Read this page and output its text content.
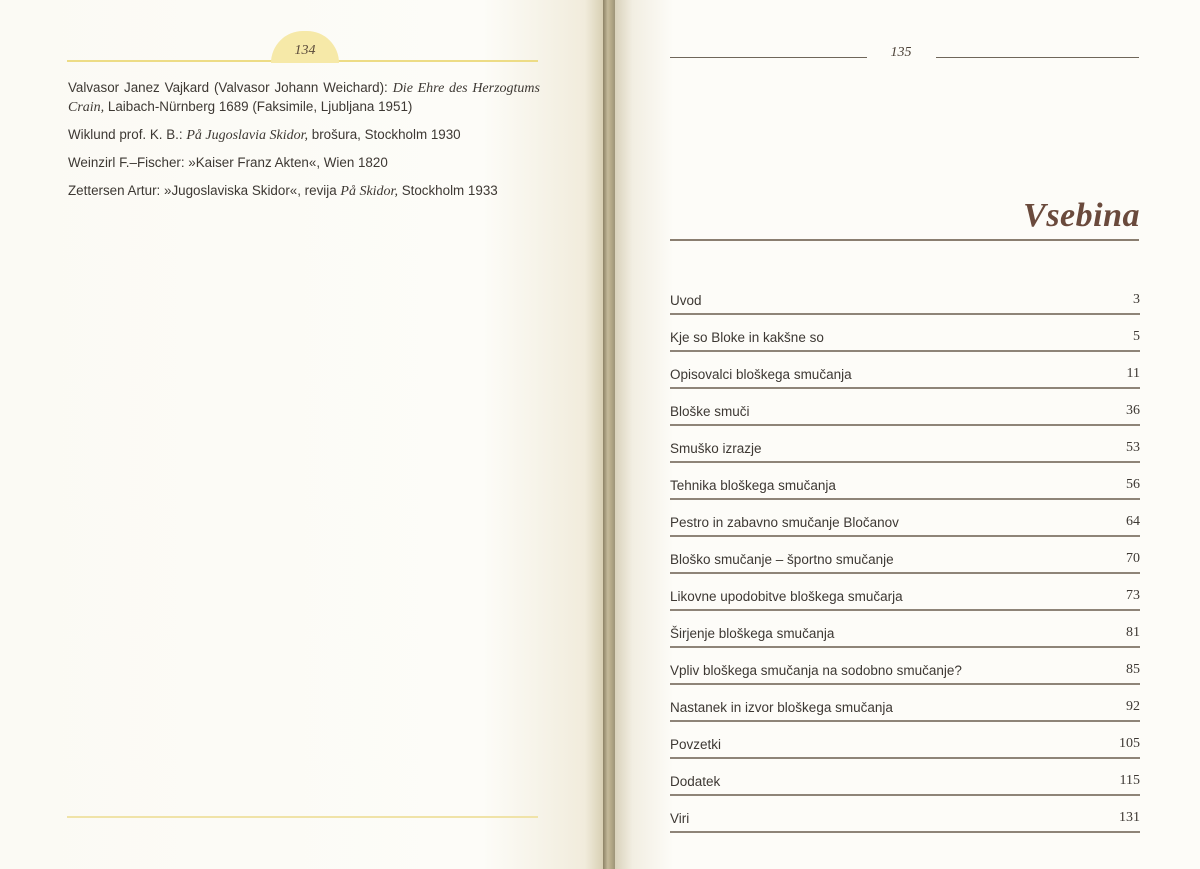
134

Valvasor Janez Vajkard (Valvasor Johann Weichard): Die Ehre des Herzogtums Crain, Laibach-Nürnberg 1689 (Faksimile, Ljubljana 1951)

Wiklund prof. K. B.: På Jugoslavia Skidor, brošura, Stockholm 1930

Weinzirl F.–Fischer: »Kaiser Franz Akten«, Wien 1820

Zettersen Artur: »Jugoslaviska Skidor«, revija På Skidor, Stockholm 1933

135
Vsebina
Uvod	3
Kje so Bloke in kakšne so	5
Opisovalci bloškega smučanja	11
Bloške smuči	36
Smuško izrazje	53
Tehnika bloškega smučanja	56
Pestro in zabavno smučanje Bločanov	64
Bloško smučanje – športno smučanje	70
Likovne upodobitve bloškega smučarja	73
Širjenje bloškega smučanja	81
Vpliv bloškega smučanja na sodobno smučanje?	85
Nastanek in izvor bloškega smučanja	92
Povzetki	105
Dodatek	115
Viri	131
